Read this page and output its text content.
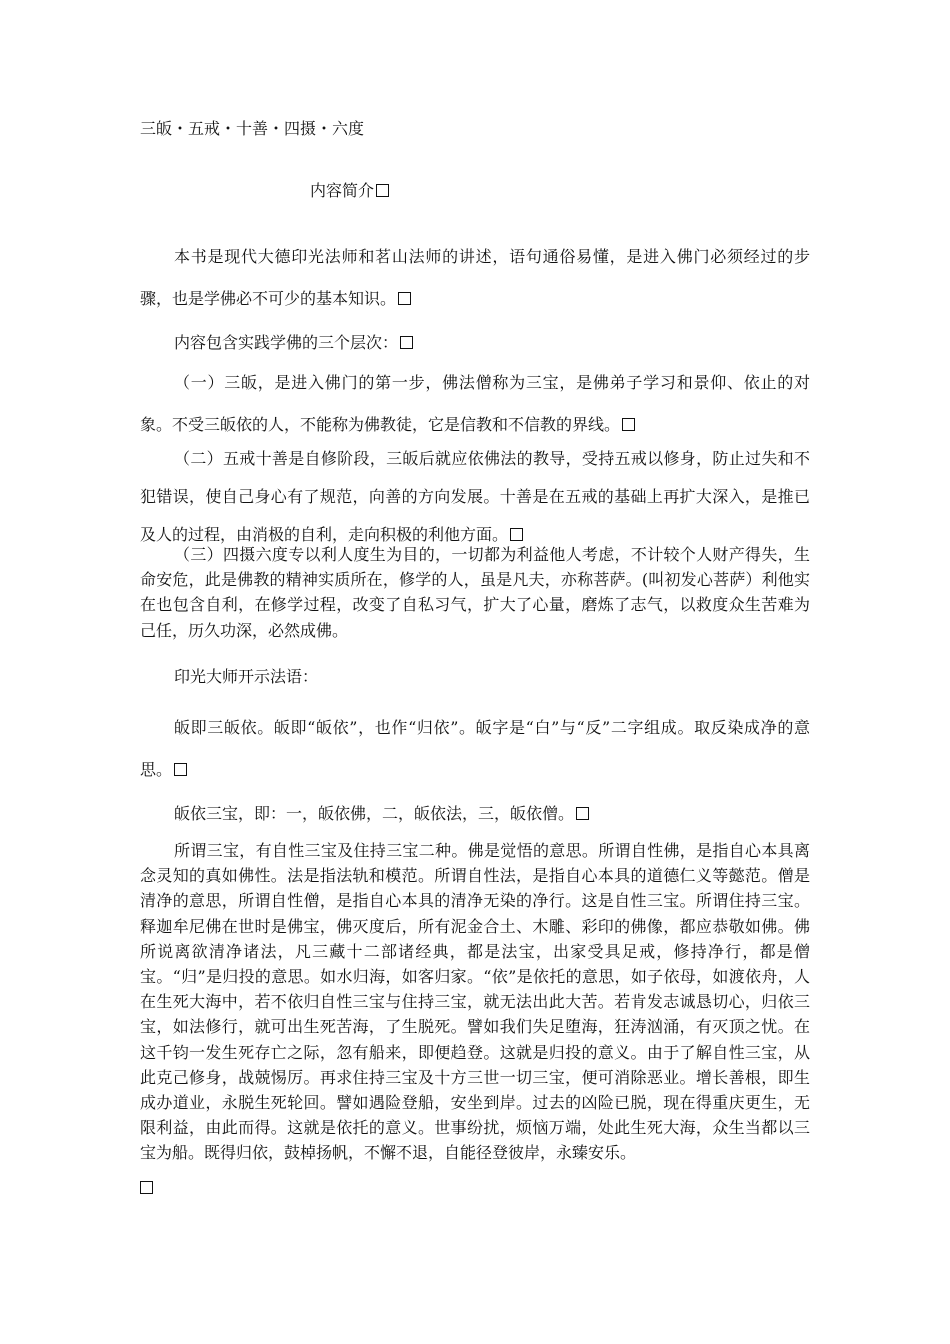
三皈・五戒・十善・四摄・六度
内容简介
本书是现代大德印光法师和茗山法师的讲述，语句通俗易懂，是进入佛门必须经过的步骤，也是学佛必不可少的基本知识。
内容包含实践学佛的三个层次：
（一）三皈，是进入佛门的第一步，佛法僧称为三宝，是佛弟子学习和景仰、依止的对象。不受三皈依的人，不能称为佛教徒，它是信教和不信教的界线。
（二）五戒十善是自修阶段，三皈后就应依佛法的教导，受持五戒以修身，防止过失和不犯错误，使自己身心有了规范，向善的方向发展。十善是在五戒的基础上再扩大深入，是推已及人的过程，由消极的自利，走向积极的利他方面。
（三）四摄六度专以利人度生为目的，一切都为利益他人考虑，不计较个人财产得失，生命安危，此是佛教的精神实质所在，修学的人，虽是凡夫，亦称菩萨。(叫初发心菩萨）利他实在也包含自利，在修学过程，改变了自私习气，扩大了心量，磨炼了志气，以救度众生苦难为己任，历久功深，必然成佛。
印光大师开示法语：
皈即三皈依。皈即“皈依”，也作“归依”。皈字是“白”与“反”二字组成。取反染成净的意思。
皈依三宝，即：一，皈依佛，二，皈依法，三，皈依僧。
所谓三宝，有自性三宝及住持三宝二种。佛是觉悟的意思。所谓自性佛，是指自心本具离念灵知的真如佛性。法是指法轨和模范。所谓自性法，是指自心本具的道德仁义等懿范。僧是清净的意思，所谓自性僧，是指自心本具的清净无染的净行。这是自性三宝。所谓住持三宝。释迦牟尼佛在世时是佛宝，佛灭度后，所有泥金合土、木雕、彩印的佛像，都应恭敬如佛。佛所说离欲清净诸法，凡三藏十二部诸经典，都是法宝，出家受具足戒，修持净行，都是僧宝。“归”是归投的意思。如水归海，如客归家。“依”是依托的意思，如子依母，如渡依舟，人在生死大海中，若不依归自性三宝与住持三宝，就无法出此大苦。若肯发志诚恳切心，归依三宝，如法修行，就可出生死苦海，了生脱死。譬如我们失足堕海，狂涛汹涌，有灭顶之忧。在这千钧一发生死存亡之际，忽有船来，即便趋登。这就是归投的意义。由于了解自性三宝，从此克己修身，战兢惕厉。再求住持三宝及十方三世一切三宝，便可消除恶业。增长善根，即生成办道业，永脱生死轮回。譬如遇险登船，安坐到岸。过去的凶险已脱，现在得重庆更生，无限利益，由此而得。这就是依托的意义。世事纷扰，烦恼万端，处此生死大海，众生当都以三宝为船。既得归依，鼓棹扬帆，不懈不退，自能径登彼岸，永臻安乐。
